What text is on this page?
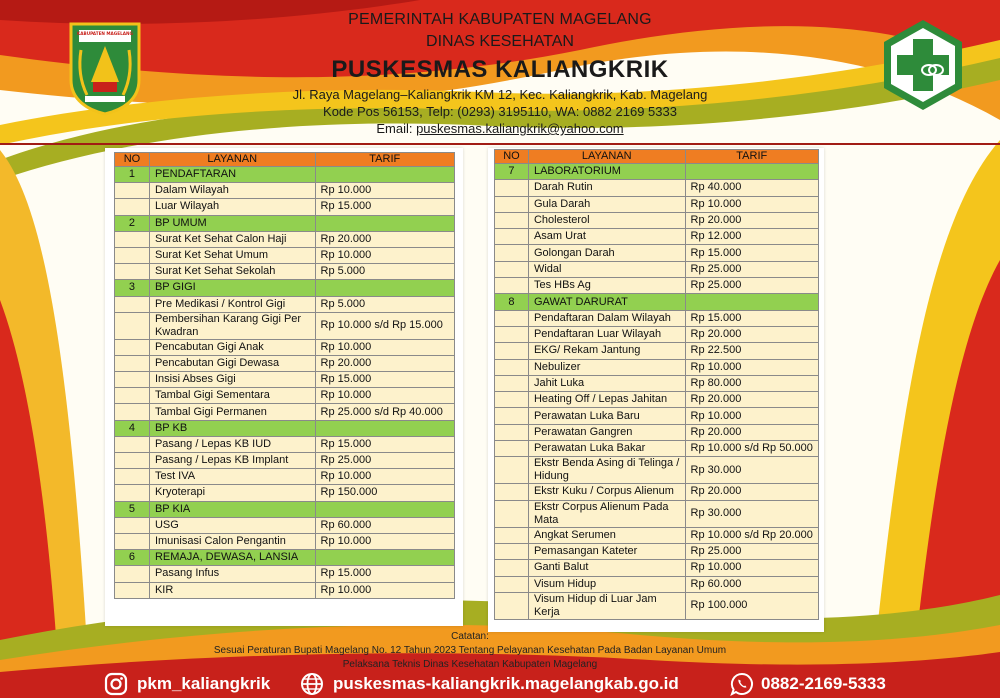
KABUPATEN MAGELANG
PEMERINTAH KABUPATEN MAGELANG
DINAS KESEHATAN
PUSKESMAS KALIANGKRIK
Jl. Raya Magelang–Kaliangkrik KM 12, Kec. Kaliangkrik, Kab. Magelang
Kode Pos 56153, Telp: (0293) 3195110, WA: 0882 2169 5333
Email: puskesmas.kaliangkrik@yahoo.com
NO	LAYANAN	TARIF
1	PENDAFTARAN	
	Dalam Wilayah	Rp 10.000
	Luar Wilayah	Rp 15.000
2	BP UMUM	
	Surat Ket Sehat Calon Haji	Rp 20.000
	Surat Ket Sehat Umum	Rp 10.000
	Surat Ket Sehat Sekolah	Rp 5.000
3	BP GIGI	
	Pre Medikasi / Kontrol Gigi	Rp 5.000
	Pembersihan Karang Gigi Per Kwadran	Rp 10.000 s/d Rp 15.000
	Pencabutan Gigi Anak	Rp 10.000
	Pencabutan Gigi Dewasa	Rp 20.000
	Insisi Abses Gigi	Rp 15.000
	Tambal Gigi Sementara	Rp 10.000
	Tambal Gigi Permanen	Rp 25.000 s/d Rp 40.000
4	BP KB	
	Pasang / Lepas KB IUD	Rp 15.000
	Pasang / Lepas KB Implant	Rp 25.000
	Test IVA	Rp 10.000
	Kryoterapi	Rp 150.000
5	BP KIA	
	USG	Rp 60.000
	Imunisasi Calon Pengantin	Rp 10.000
6	REMAJA, DEWASA, LANSIA	
	Pasang Infus	Rp 15.000
	KIR	Rp 10.000
NO	LAYANAN	TARIF
7	LABORATORIUM	
	Darah Rutin	Rp 40.000
	Gula Darah	Rp 10.000
	Cholesterol	Rp 20.000
	Asam Urat	Rp 12.000
	Golongan Darah	Rp 15.000
	Widal	Rp 25.000
	Tes HBs Ag	Rp 25.000
8	GAWAT DARURAT	
	Pendaftaran Dalam Wilayah	Rp 15.000
	Pendaftaran Luar Wilayah	Rp 20.000
	EKG/ Rekam Jantung	Rp 22.500
	Nebulizer	Rp 10.000
	Jahit Luka	Rp 80.000
	Heating Off / Lepas Jahitan	Rp 20.000
	Perawatan Luka Baru	Rp 10.000
	Perawatan Gangren	Rp 20.000
	Perawatan Luka Bakar	Rp 10.000 s/d Rp 50.000
	Ekstr Benda Asing di Telinga / Hidung	Rp 30.000
	Ekstr Kuku / Corpus Alienum	Rp 20.000
	Ekstr Corpus Alienum Pada Mata	Rp 30.000
	Angkat Serumen	Rp 10.000 s/d Rp 20.000
	Pemasangan Kateter	Rp 25.000
	Ganti Balut	Rp 10.000
	Visum Hidup	Rp 60.000
	Visum Hidup di Luar Jam Kerja	Rp 100.000
Catatan:
Sesuai Peraturan Bupati Magelang No. 12 Tahun 2023 Tentang Pelayanan Kesehatan Pada Badan Layanan Umum
Pelaksana Teknis Dinas Kesehatan Kabupaten Magelang
pkm_kaliangkrik	puskesmas-kaliangkrik.magelangkab.go.id	0882-2169-5333
